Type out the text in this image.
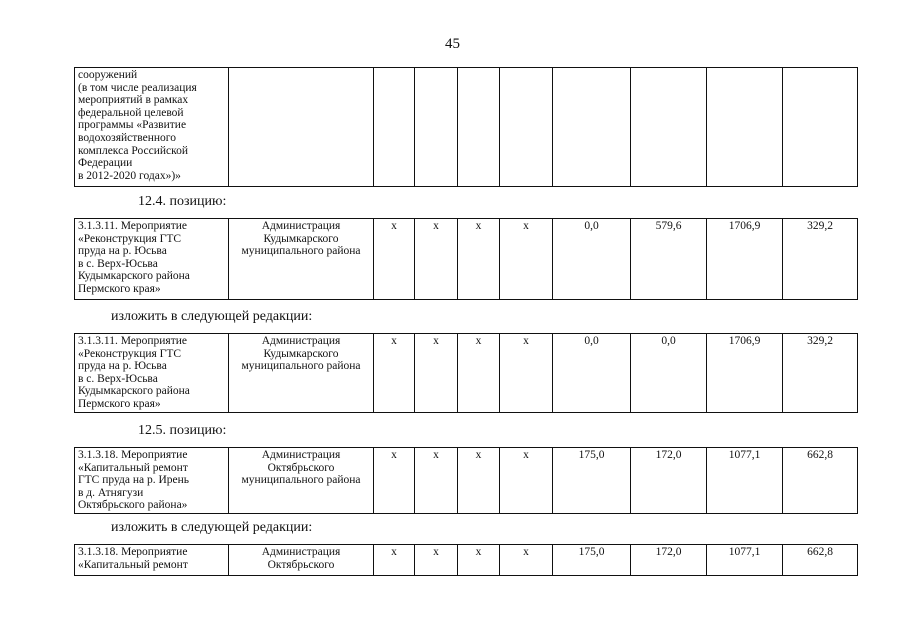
45
сооружений
(в том числе реализация
мероприятий в рамках
федеральной целевой
программы «Развитие
водохозяйственного
комплекса Российской
Федерации
в 2012-2020 годах»)»									
12.4. позицию:
3.1.3.11. Мероприятие
«Реконструкция ГТС
пруда на р. Юсьва
в с. Верх-Юсьва
Кудымкарского района
Пермского края»	Администрация
Кудымкарского
муниципального района	х	х	х	х	0,0	579,6	1706,9	329,2
изложить в следующей редакции:
3.1.3.11. Мероприятие
«Реконструкция ГТС
пруда на р. Юсьва
в с. Верх-Юсьва
Кудымкарского района
Пермского края»	Администрация
Кудымкарского
муниципального района	х	х	х	х	0,0	0,0	1706,9	329,2
12.5. позицию:
3.1.3.18. Мероприятие
«Капитальный ремонт
ГТС пруда на р. Ирень
в д. Атнягузи
Октябрьского района»	Администрация
Октябрьского
муниципального района	х	х	х	х	175,0	172,0	1077,1	662,8
изложить в следующей редакции:
3.1.3.18. Мероприятие
«Капитальный ремонт	Администрация
Октябрьского	х	х	х	х	175,0	172,0	1077,1	662,8
